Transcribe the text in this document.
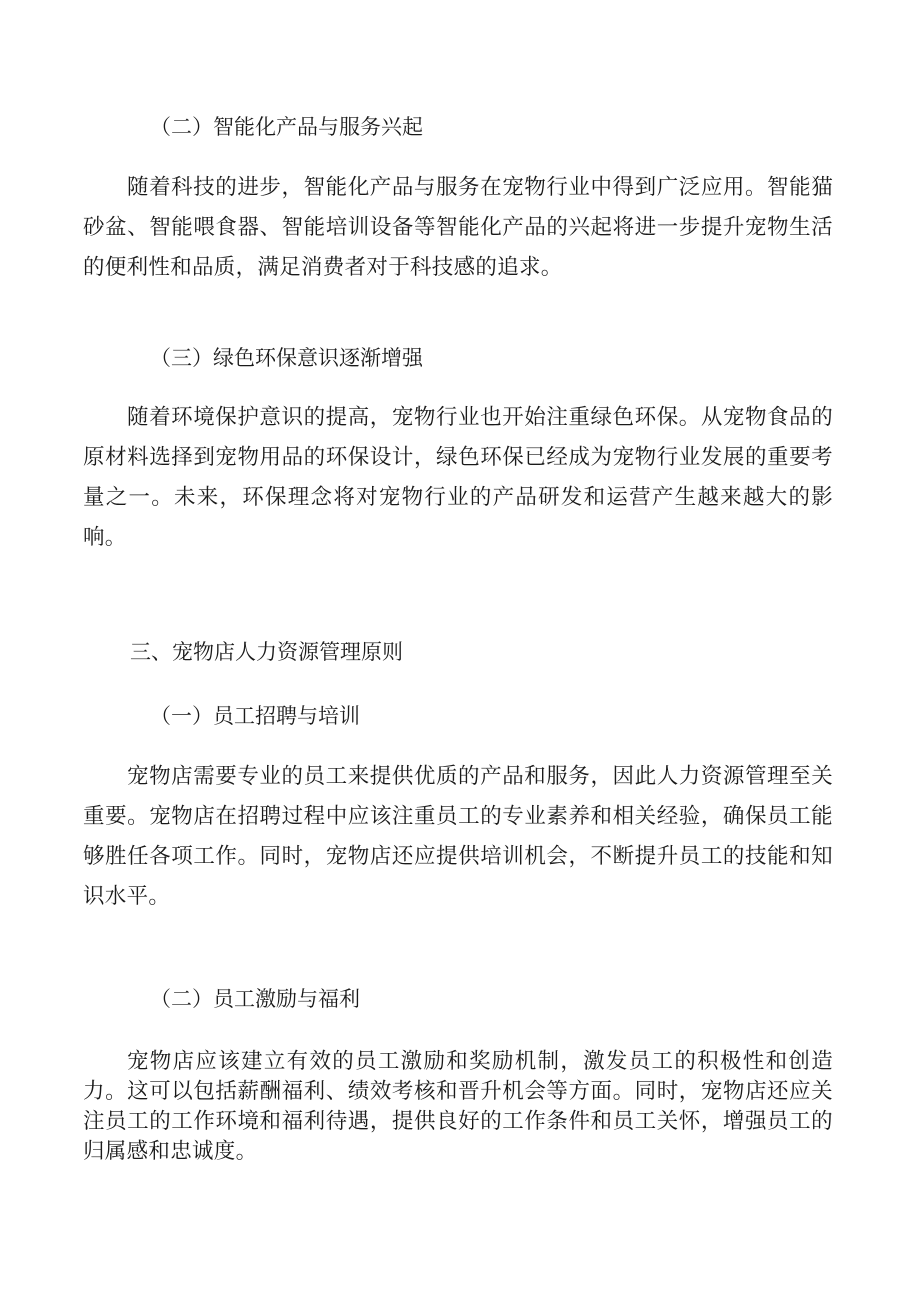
（二）智能化产品与服务兴起

随着科技的进步，智能化产品与服务在宠物行业中得到广泛应用。智能猫砂盆、智能喂食器、智能培训设备等智能化产品的兴起将进一步提升宠物生活的便利性和品质，满足消费者对于科技感的追求。

（三）绿色环保意识逐渐增强

随着环境保护意识的提高，宠物行业也开始注重绿色环保。从宠物食品的原材料选择到宠物用品的环保设计，绿色环保已经成为宠物行业发展的重要考量之一。未来，环保理念将对宠物行业的产品研发和运营产生越来越大的影响。

三、宠物店人力资源管理原则
（一）员工招聘与培训

宠物店需要专业的员工来提供优质的产品和服务，因此人力资源管理至关重要。宠物店在招聘过程中应该注重员工的专业素养和相关经验，确保员工能够胜任各项工作。同时，宠物店还应提供培训机会，不断提升员工的技能和知识水平。

（二）员工激励与福利

宠物店应该建立有效的员工激励和奖励机制，激发员工的积极性和创造力。这可以包括薪酬福利、绩效考核和晋升机会等方面。同时，宠物店还应关注员工的工作环境和福利待遇，提供良好的工作条件和员工关怀，增强员工的归属感和忠诚度。
